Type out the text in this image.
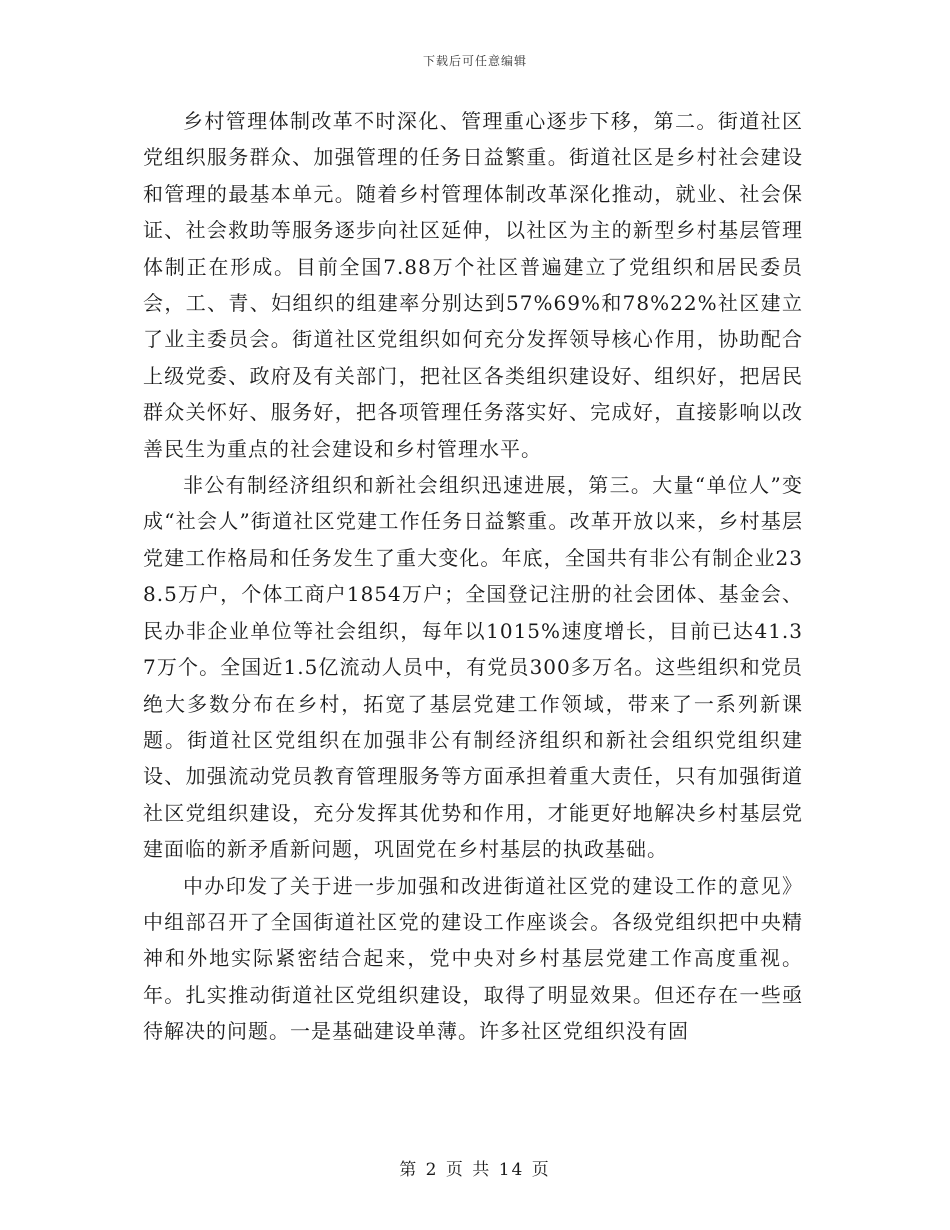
下载后可任意编辑

乡村管理体制改革不时深化、管理重心逐步下移，第二。街道社区党组织服务群众、加强管理的任务日益繁重。街道社区是乡村社会建设和管理的最基本单元。随着乡村管理体制改革深化推动，就业、社会保证、社会救助等服务逐步向社区延伸，以社区为主的新型乡村基层管理体制正在形成。目前全国7.88万个社区普遍建立了党组织和居民委员会，工、青、妇组织的组建率分别达到57%69%和78%22%社区建立了业主委员会。街道社区党组织如何充分发挥领导核心作用，协助配合上级党委、政府及有关部门，把社区各类组织建设好、组织好，把居民群众关怀好、服务好，把各项管理任务落实好、完成好，直接影响以改善民生为重点的社会建设和乡村管理水平。

非公有制经济组织和新社会组织迅速进展，第三。大量“单位人”变成“社会人”街道社区党建工作任务日益繁重。改革开放以来，乡村基层党建工作格局和任务发生了重大变化。年底，全国共有非公有制企业238.5万户，个体工商户1854万户；全国登记注册的社会团体、基金会、民办非企业单位等社会组织，每年以1015%速度增长，目前已达41.37万个。全国近1.5亿流动人员中，有党员300多万名。这些组织和党员绝大多数分布在乡村，拓宽了基层党建工作领域，带来了一系列新课题。街道社区党组织在加强非公有制经济组织和新社会组织党组织建设、加强流动党员教育管理服务等方面承担着重大责任，只有加强街道社区党组织建设，充分发挥其优势和作用，才能更好地解决乡村基层党建面临的新矛盾新问题，巩固党在乡村基层的执政基础。

中办印发了关于进一步加强和改进街道社区党的建设工作的意见》中组部召开了全国街道社区党的建设工作座谈会。各级党组织把中央精神和外地实际紧密结合起来，党中央对乡村基层党建工作高度重视。年。扎实推动街道社区党组织建设，取得了明显效果。但还存在一些亟待解决的问题。一是基础建设单薄。许多社区党组织没有固

第 2 页 共 14 页
